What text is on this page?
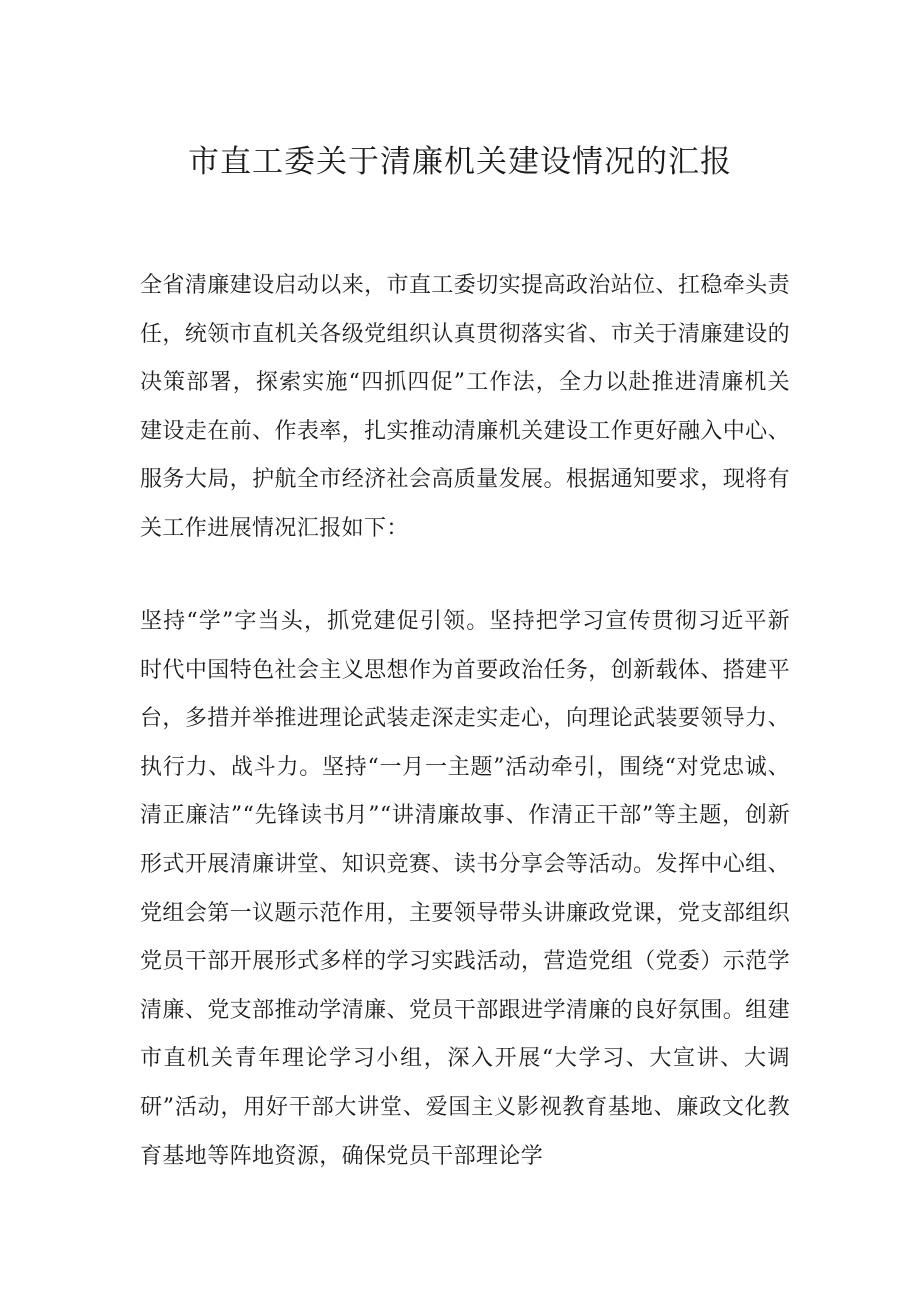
市直工委关于清廉机关建设情况的汇报

全省清廉建设启动以来，市直工委切实提高政治站位、扛稳牵头责任，统领市直机关各级党组织认真贯彻落实省、市关于清廉建设的决策部署，探索实施“四抓四促”工作法，全力以赴推进清廉机关建设走在前、作表率，扎实推动清廉机关建设工作更好融入中心、服务大局，护航全市经济社会高质量发展。根据通知要求，现将有关工作进展情况汇报如下：

坚持“学”字当头，抓党建促引领。坚持把学习宣传贯彻习近平新时代中国特色社会主义思想作为首要政治任务，创新载体、搭建平台，多措并举推进理论武装走深走实走心，向理论武装要领导力、执行力、战斗力。坚持“一月一主题”活动牵引，围绕“对党忠诚、清正廉洁”“先锋读书月”“讲清廉故事、作清正干部”等主题，创新形式开展清廉讲堂、知识竞赛、读书分享会等活动。发挥中心组、党组会第一议题示范作用，主要领导带头讲廉政党课，党支部组织党员干部开展形式多样的学习实践活动，营造党组（党委）示范学清廉、党支部推动学清廉、党员干部跟进学清廉的良好氛围。组建市直机关青年理论学习小组，深入开展“大学习、大宣讲、大调研”活动，用好干部大讲堂、爱国主义影视教育基地、廉政文化教育基地等阵地资源，确保党员干部理论学
